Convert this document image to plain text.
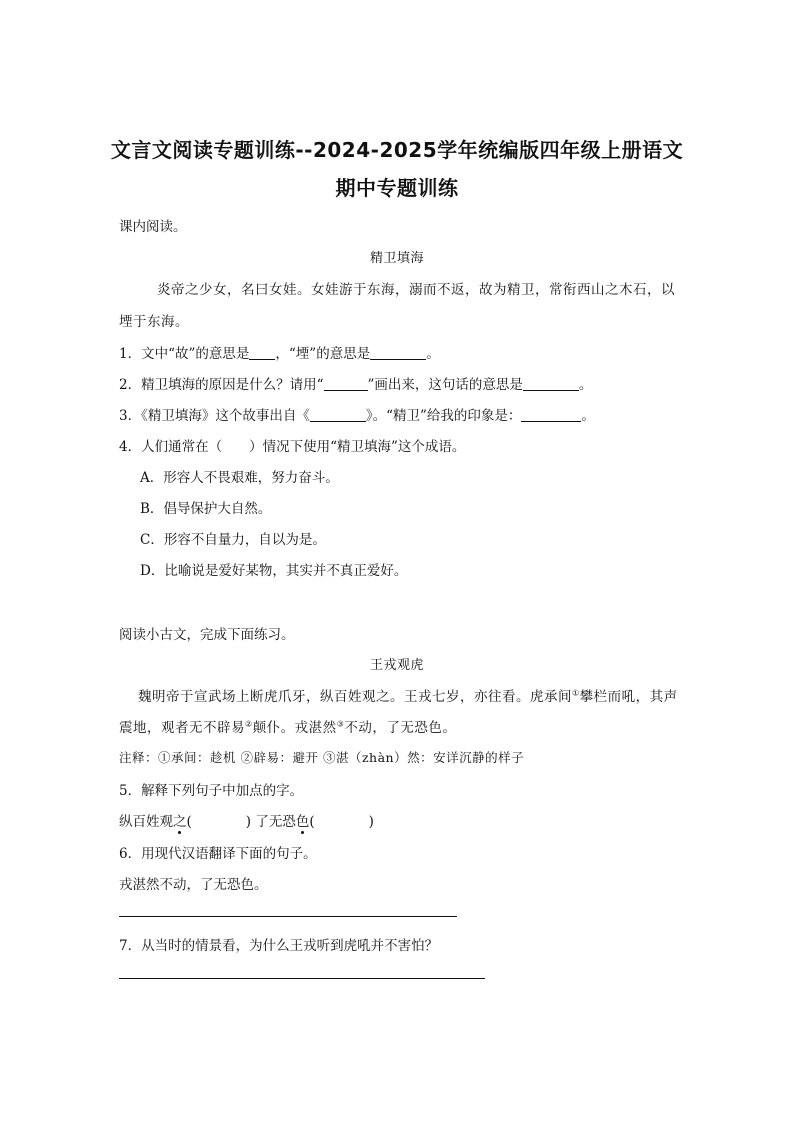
文言文阅读专题训练--2024-2025学年统编版四年级上册语文
期中专题训练
课内阅读。
精卫填海
炎帝之少女，名曰女娃。女娃游于东海，溺而不返，故为精卫，常衔西山之木石，以
堙于东海。
1．文中“故”的意思是 ，“堙”的意思是	。
2．精卫填海的原因是什么？请用“	”画出来，这句话的意思是	。
3．《精卫填海》这个故事出自《	》。“精卫”给我的印象是：	。
4．人们通常在（　　）情况下使用“精卫填海”这个成语。
A．形容人不畏艰难，努力奋斗。
B．倡导保护大自然。
C．形容不自量力，自以为是。
D．比喻说是爱好某物，其实并不真正爱好。
阅读小古文，完成下面练习。
王戎观虎
魏明帝于宣武场上断虎爪牙，纵百姓观之。王戎七岁，亦往看。虎承间①攀栏而吼，其声
震地，观者无不辟易②颠仆。戎湛然③不动，了无恐色。
注释：①承间：趁机 ②辟易：避开 ③湛（zhàn）然：安详沉静的样子
5．解释下列句子中加点的字。
纵百姓观之(　　　　) 了无恐色(　　　　)
6．用现代汉语翻译下面的句子。
戎湛然不动，了无恐色。
7．从当时的情景看，为什么王戎听到虎吼并不害怕？
